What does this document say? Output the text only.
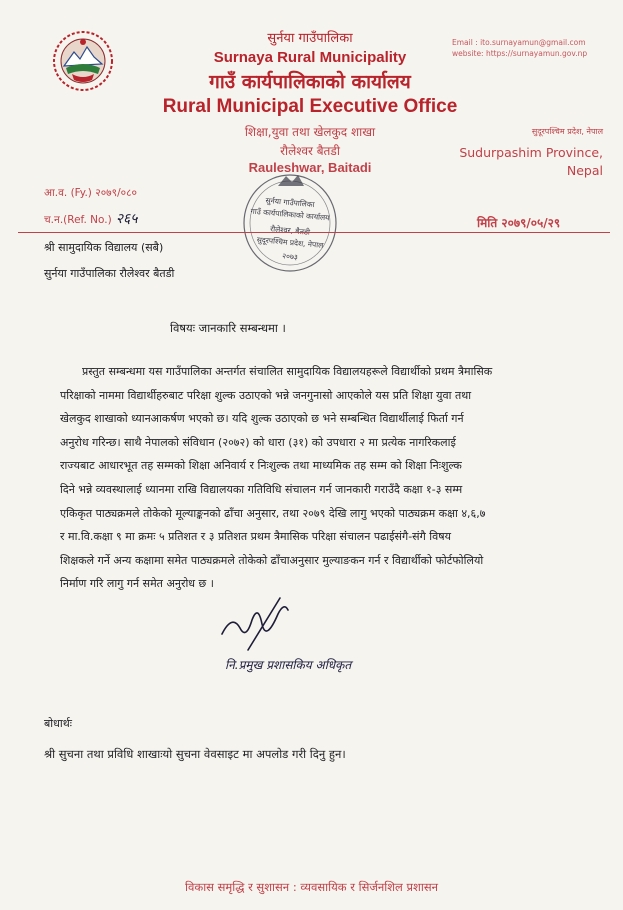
सुर्नया गाउँपालिका
Surnaya Rural Municipality
गाउँ कार्यपालिकाको कार्यालय
Rural Municipal Executive Office
शिक्षा,युवा तथा खेलकुद शाखा
रौलेश्वर बैतडी
Rauleshwar, Baitadi
Email : ito.surnayamun@gmail.com
website: https://surnayamun.gov.np
सुदूरपश्चिम प्रदेश, नेपाल
Sudurpashim Province,
Nepal
आ.व. (Fy.) २०७९/०८०
च.न.(Ref. No.) २६५	मिति २०७९/०५/२९
सुर्नया गाउँपालिका
गाउँ कार्यपालिकाको कार्यालय
रौलेश्वर, बैतडी
सुदूरपश्चिम प्रदेश, नेपाल
२०७३
श्री सामुदायिक विद्यालय (सबै)
सुर्नया गाउँपालिका रौलेश्वर बैतडी
विषयः जानकारि सम्बन्धमा ।
प्रस्तुत सम्बन्धमा यस गाउँपालिका अन्तर्गत संचालित सामुदायिक विद्यालयहरूले विद्यार्थीको प्रथम त्रैमासिक
परिक्षाको नाममा विद्यार्थीहरुबाट परिक्षा शुल्क उठाएको भन्ने जनगुनासो आएकोले यस प्रति शिक्षा युवा तथा
खेलकुद शाखाको ध्यानआकर्षण भएको छ। यदि शुल्क उठाएको छ भने सम्बन्धित विद्यार्थीलाई फिर्ता गर्न
अनुरोध गरिन्छ। साथै नेपालको संविधान (२०७२) को धारा (३१) को उपधारा २ मा प्रत्येक नागरिकलाई
राज्यबाट आधारभूत तह सम्मको शिक्षा अनिवार्य र निःशुल्क तथा माध्यमिक तह सम्म को शिक्षा निःशुल्क
दिने भन्ने व्यवस्थालाई ध्यानमा राखि विद्यालयका गतिविधि संचालन गर्न जानकारी गराउँदै कक्षा १-३ सम्म
एकिकृत पाठ्यक्रमले तोकेको मूल्याङ्कनको ढाँचा अनुसार, तथा २०७९ देखि लागु भएको पाठ्यक्रम कक्षा ४,६,७
र मा.वि.कक्षा ९ मा क्रमः ५ प्रतिशत र ३ प्रतिशत प्रथम त्रैमासिक परिक्षा संचालन पढाईसंगै-संगै विषय
शिक्षकले गर्ने अन्य कक्षामा समेत पाठ्यक्रमले तोकेको ढाँचाअनुसार मुल्याङकन गर्न र विद्यार्थीको फोर्टफोलियो
निर्माण गरि लागु गर्न समेत अनुरोध छ ।
नि.प्रमुख प्रशासकिय अधिकृत
बोधार्थः
श्री सुचना तथा प्रविधि शाखाःयो सुचना वेवसाइट मा अपलोड गरी दिनु हुन।
विकास समृद्धि र सुशासन : व्यवसायिक र सिर्जनशिल प्रशासन
